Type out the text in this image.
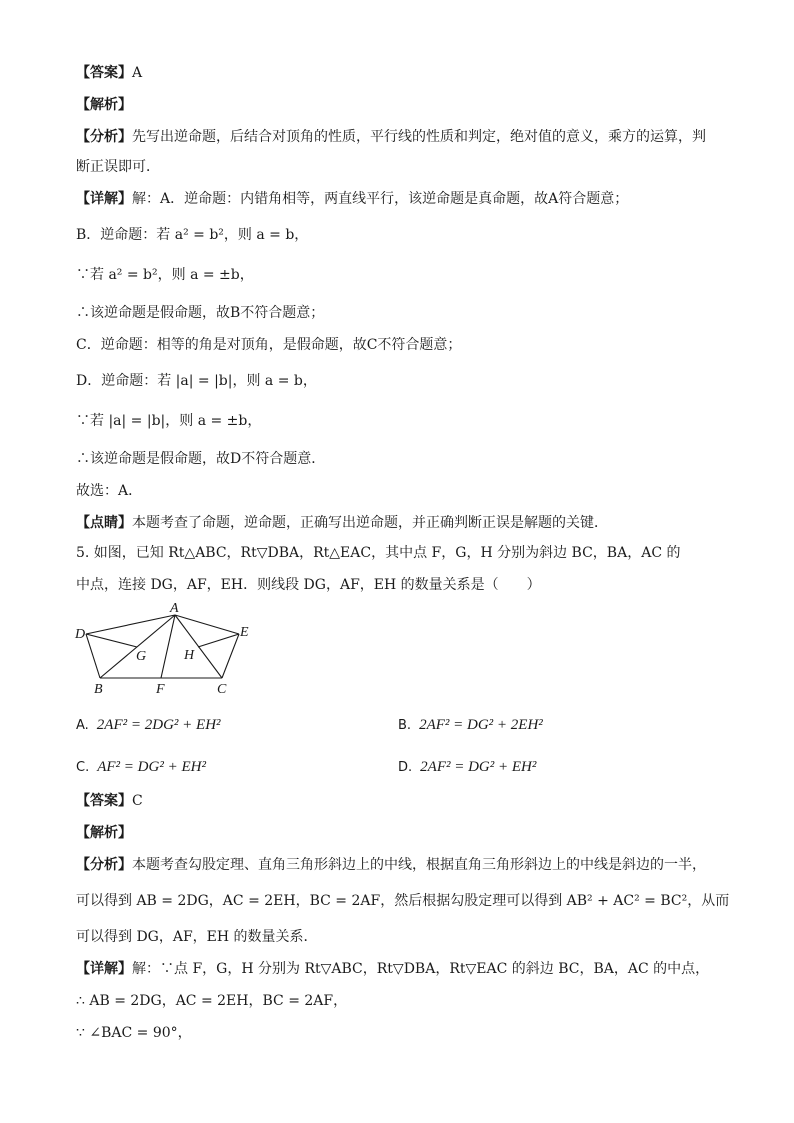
【答案】A
【解析】
【分析】先写出逆命题，后结合对顶角的性质，平行线的性质和判定，绝对值的意义，乘方的运算，判
断正误即可．
【详解】解：A．逆命题：内错角相等，两直线平行，该逆命题是真命题，故A符合题意；
B．逆命题：若 a² = b²，则 a = b，
∵若 a² = b²，则 a = ±b，
∴该逆命题是假命题，故B不符合题意；
C．逆命题：相等的角是对顶角，是假命题，故C不符合题意；
D．逆命题：若 |a| = |b|，则 a = b，
∵若 |a| = |b|，则 a = ±b，
∴该逆命题是假命题，故D不符合题意．
故选：A．
【点睛】本题考查了命题，逆命题，正确写出逆命题，并正确判断正误是解题的关键．
5. 如图，已知 Rt△ABC，Rt▽DBA，Rt△EAC，其中点 F，G，H 分别为斜边 BC，BA，AC 的
中点，连接 DG，AF，EH．则线段 DG，AF，EH 的数量关系是（　　）
A
D	E
G	H
B	F	C
A. 2AF² = 2DG² + EH²	B. 2AF² = DG² + 2EH²
C. AF² = DG² + EH²	D. 2AF² = DG² + EH²
【答案】C
【解析】
【分析】本题考查勾股定理、直角三角形斜边上的中线，根据直角三角形斜边上的中线是斜边的一半，
可以得到 AB = 2DG，AC = 2EH，BC = 2AF，然后根据勾股定理可以得到 AB² + AC² = BC²，从而
可以得到 DG，AF，EH 的数量关系．
【详解】解：∵点 F，G，H 分别为 Rt▽ABC，Rt▽DBA，Rt▽EAC 的斜边 BC，BA，AC 的中点，
∴ AB = 2DG，AC = 2EH，BC = 2AF，
∵ ∠BAC = 90°，
